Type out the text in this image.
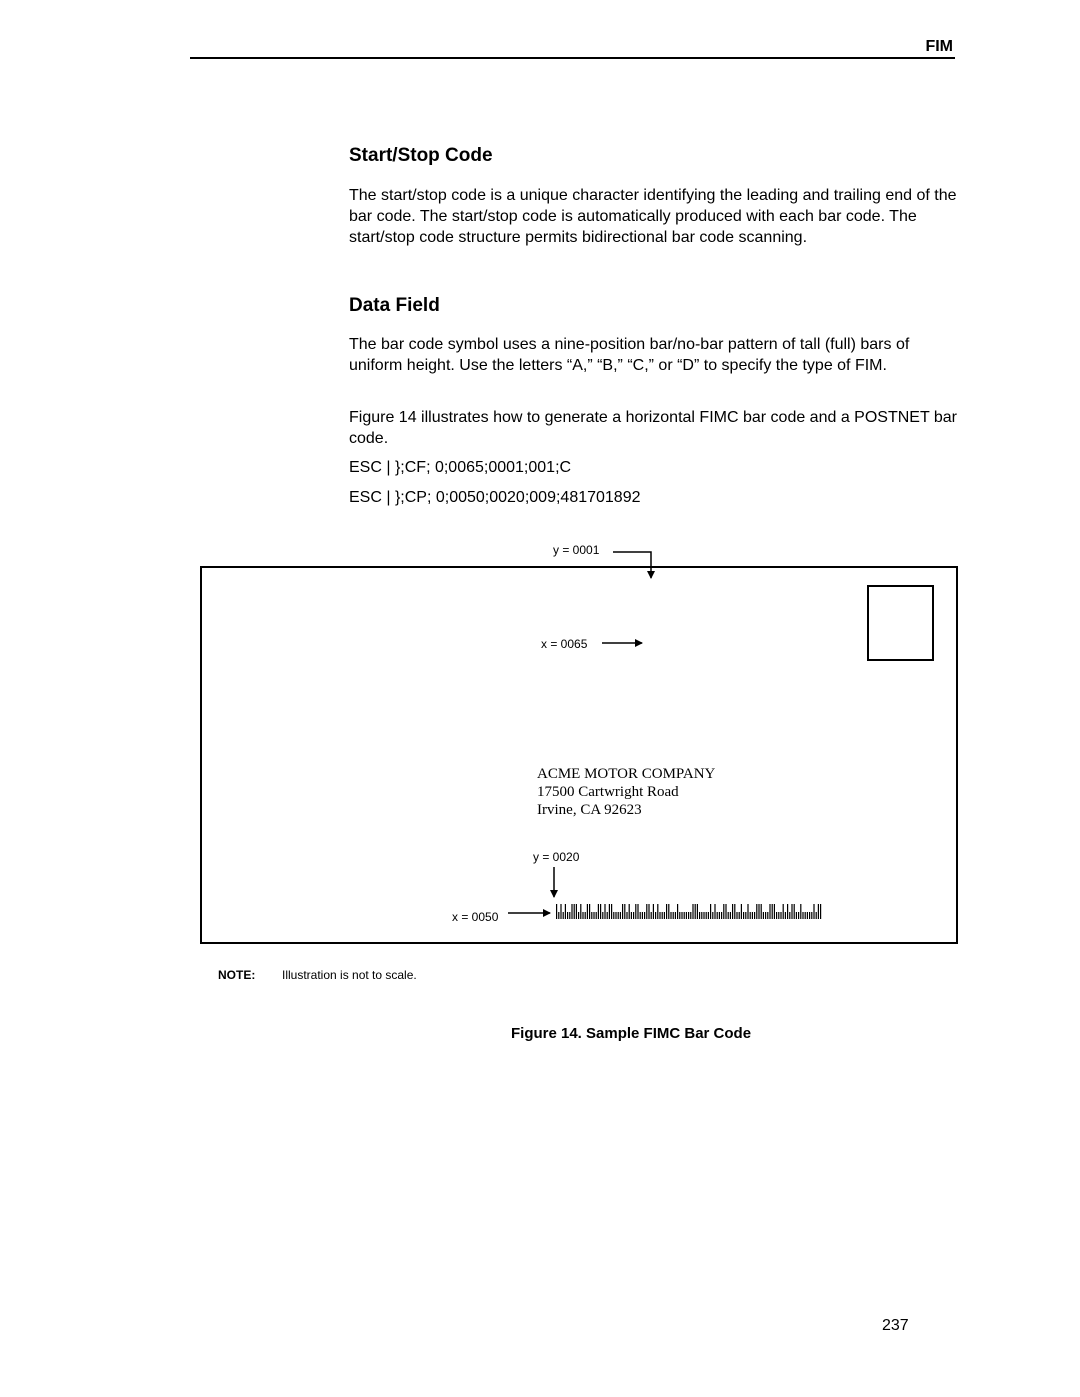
FIM
Start/Stop Code
The start/stop code is a unique character identifying the leading and trailing end of the bar code. The start/stop code is automatically produced with each bar code. The start/stop code structure permits bidirectional bar code scanning.
Data Field
The bar code symbol uses a nine-position bar/no-bar pattern of tall (full) bars of uniform height. Use the letters “A,” “B,” “C,” or “D” to specify the type of FIM.
Figure 14 illustrates how to generate a horizontal FIMC bar code and a POSTNET bar code.
ESC | };CF; 0;0065;0001;001;C
ESC | };CP; 0;0050;0020;009;481701892
y = 0001
x = 0065
y = 0020
x = 0050
ACME MOTOR COMPANY
17500 Cartwright Road
Irvine, CA 92623
NOTE: Illustration is not to scale.
Figure 14. Sample FIMC Bar Code
237
